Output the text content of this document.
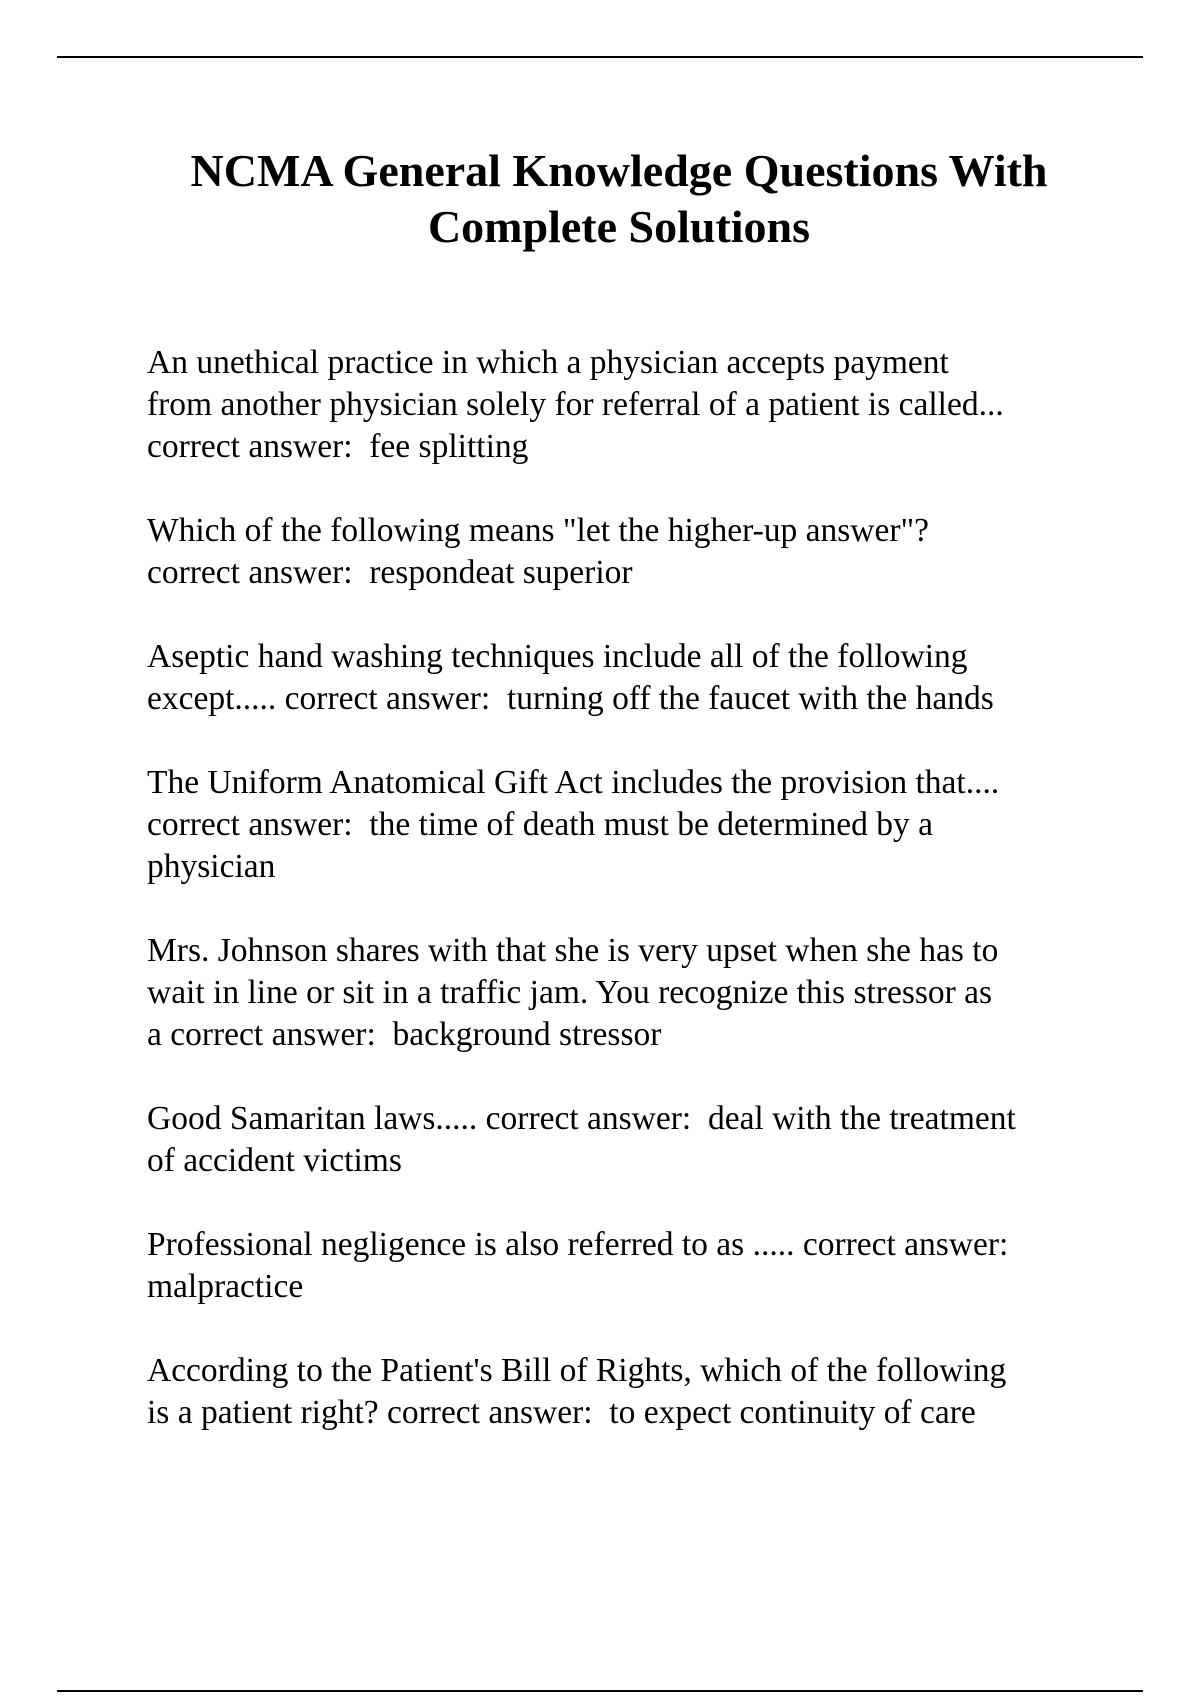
NCMA General Knowledge Questions With
Complete Solutions

An unethical practice in which a physician accepts payment
from another physician solely for referral of a patient is called...
correct answer:  fee splitting

Which of the following means "let the higher-up answer"?
correct answer:  respondeat superior

Aseptic hand washing techniques include all of the following
except..... correct answer:  turning off the faucet with the hands

The Uniform Anatomical Gift Act includes the provision that....
correct answer:  the time of death must be determined by a
physician

Mrs. Johnson shares with that she is very upset when she has to
wait in line or sit in a traffic jam. You recognize this stressor as
a correct answer:  background stressor

Good Samaritan laws..... correct answer:  deal with the treatment
of accident victims

Professional negligence is also referred to as ..... correct answer:
malpractice

According to the Patient's Bill of Rights, which of the following
is a patient right? correct answer:  to expect continuity of care
